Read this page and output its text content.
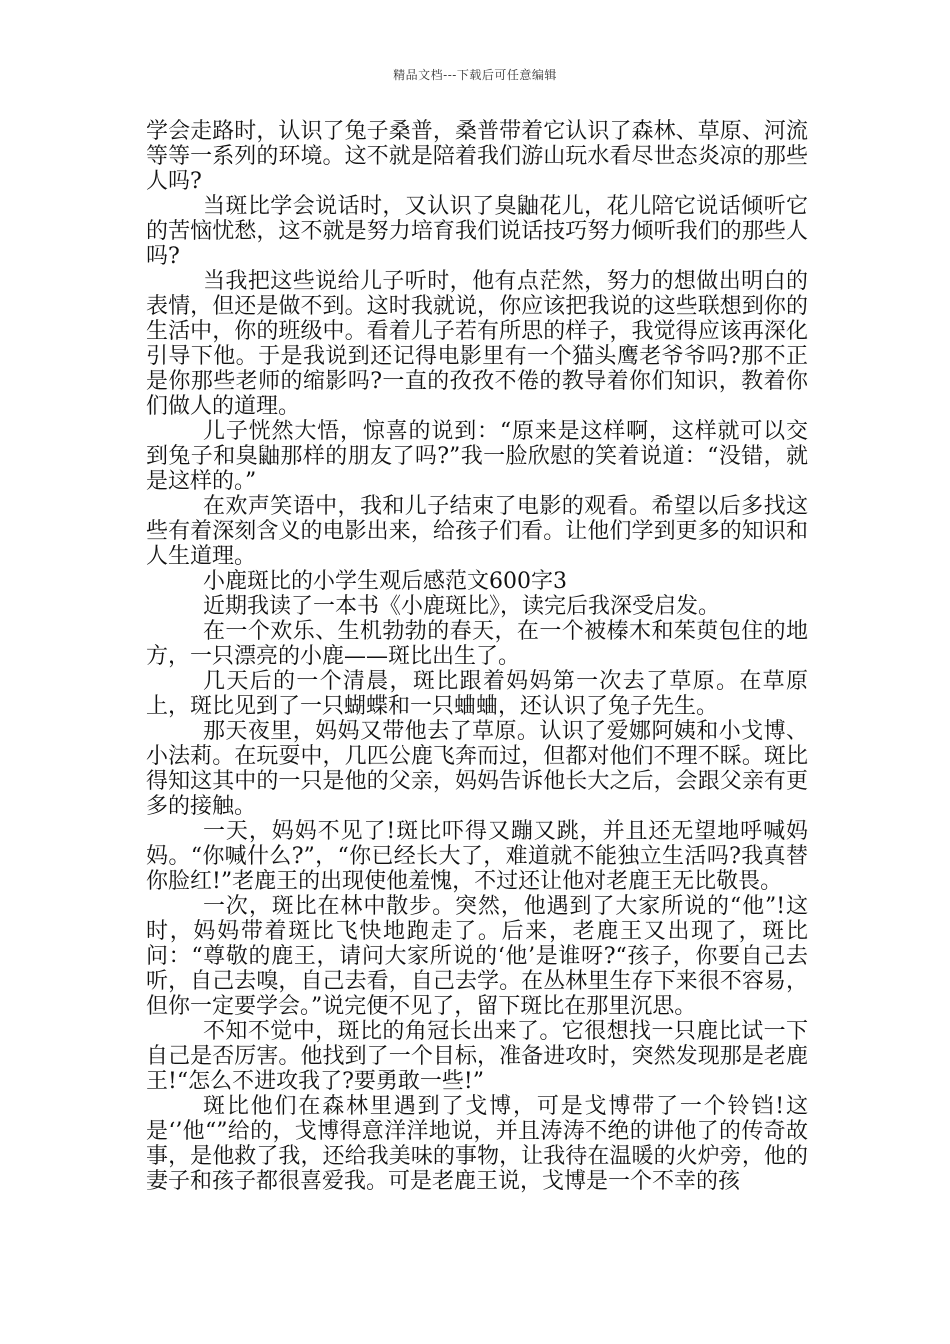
精品文档---下载后可任意编辑

学会走路时，认识了兔子桑普，桑普带着它认识了森林、草原、河流等等一系列的环境。这不就是陪着我们游山玩水看尽世态炎凉的那些人吗?

当斑比学会说话时，又认识了臭鼬花儿，花儿陪它说话倾听它的苦恼忧愁，这不就是努力培育我们说话技巧努力倾听我们的那些人吗?

当我把这些说给儿子听时，他有点茫然，努力的想做出明白的表情，但还是做不到。这时我就说，你应该把我说的这些联想到你的生活中，你的班级中。看着儿子若有所思的样子，我觉得应该再深化引导下他。于是我说到还记得电影里有一个猫头鹰老爷爷吗?那不正是你那些老师的缩影吗?一直的孜孜不倦的教导着你们知识，教着你们做人的道理。

儿子恍然大悟，惊喜的说到：“原来是这样啊，这样就可以交到兔子和臭鼬那样的朋友了吗?”我一脸欣慰的笑着说道：“没错，就是这样的。”

在欢声笑语中，我和儿子结束了电影的观看。希望以后多找这些有着深刻含义的电影出来，给孩子们看。让他们学到更多的知识和人生道理。

小鹿斑比的小学生观后感范文600字3

近期我读了一本书《小鹿斑比》，读完后我深受启发。

在一个欢乐、生机勃勃的春天，在一个被榛木和茱萸包住的地方，一只漂亮的小鹿——斑比出生了。

几天后的一个清晨，斑比跟着妈妈第一次去了草原。在草原上，斑比见到了一只蝴蝶和一只蛐蛐，还认识了兔子先生。

那天夜里，妈妈又带他去了草原。认识了爱娜阿姨和小戈博、小法莉。在玩耍中，几匹公鹿飞奔而过，但都对他们不理不睬。斑比得知这其中的一只是他的父亲，妈妈告诉他长大之后，会跟父亲有更多的接触。

一天，妈妈不见了!斑比吓得又蹦又跳，并且还无望地呼喊妈妈。“你喊什么?”，“你已经长大了，难道就不能独立生活吗?我真替你脸红!”老鹿王的出现使他羞愧，不过还让他对老鹿王无比敬畏。

一次，斑比在林中散步。突然，他遇到了大家所说的“他”!这时，妈妈带着斑比飞快地跑走了。后来，老鹿王又出现了，斑比问：“尊敬的鹿王，请问大家所说的‘他’是谁呀?“孩子，你要自己去听，自己去嗅，自己去看，自己去学。在丛林里生存下来很不容易，但你一定要学会。”说完便不见了，留下斑比在那里沉思。

不知不觉中，斑比的角冠长出来了。它很想找一只鹿比试一下自己是否厉害。他找到了一个目标，准备进攻时，突然发现那是老鹿王!“怎么不进攻我了?要勇敢一些!”

斑比他们在森林里遇到了戈博，可是戈博带了一个铃铛!这是‘’他“”给的，戈博得意洋洋地说，并且涛涛不绝的讲他了的传奇故事，是他救了我，还给我美味的事物，让我待在温暖的火炉旁，他的妻子和孩子都很喜爱我。可是老鹿王说，戈博是一个不幸的孩
